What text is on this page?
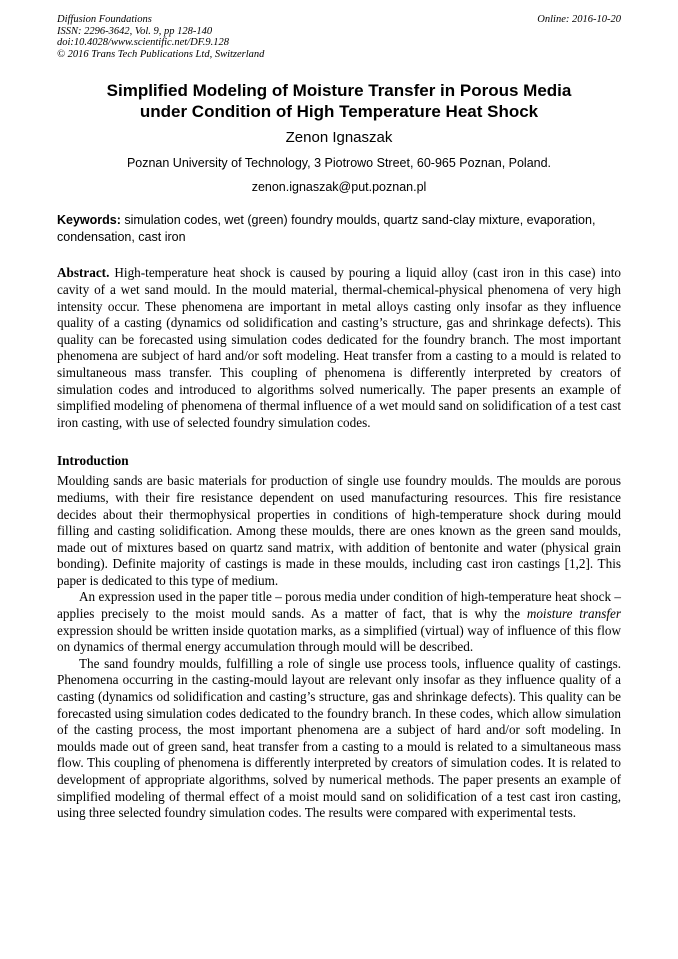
Diffusion Foundations
ISSN: 2296-3642, Vol. 9, pp 128-140
doi:10.4028/www.scientific.net/DF.9.128
© 2016 Trans Tech Publications Ltd, Switzerland
Online: 2016-10-20
Simplified Modeling of Moisture Transfer in Porous Media
under Condition of High Temperature Heat Shock
Zenon Ignaszak
Poznan University of Technology, 3 Piotrowo Street, 60-965 Poznan, Poland.
zenon.ignaszak@put.poznan.pl
Keywords: simulation codes, wet (green) foundry moulds, quartz sand-clay mixture, evaporation, condensation, cast iron
Abstract. High-temperature heat shock is caused by pouring a liquid alloy (cast iron in this case) into cavity of a wet sand mould. In the mould material, thermal-chemical-physical phenomena of very high intensity occur. These phenomena are important in metal alloys casting only insofar as they influence quality of a casting (dynamics od solidification and casting’s structure, gas and shrinkage defects). This quality can be forecasted using simulation codes dedicated for the foundry branch. The most important phenomena are subject of hard and/or soft modeling. Heat transfer from a casting to a mould is related to simultaneous mass transfer. This coupling of phenomena is differently interpreted by creators of simulation codes and introduced to algorithms solved numerically. The paper presents an example of simplified modeling of phenomena of thermal influence of a wet mould sand on solidification of a test cast iron casting, with use of selected foundry simulation codes.
Introduction

Moulding sands are basic materials for production of single use foundry moulds. The moulds are porous mediums, with their fire resistance dependent on used manufacturing resources. This fire resistance decides about their thermophysical properties in conditions of high-temperature shock during mould filling and casting solidification. Among these moulds, there are ones known as the green sand moulds, made out of mixtures based on quartz sand matrix, with addition of bentonite and water (physical grain bonding). Definite majority of castings is made in these moulds, including cast iron castings [1,2]. This paper is dedicated to this type of medium.

An expression used in the paper title – porous media under condition of high-temperature heat shock – applies precisely to the moist mould sands. As a matter of fact, that is why the moisture transfer expression should be written inside quotation marks, as a simplified (virtual) way of influence of this flow on dynamics of thermal energy accumulation through mould will be described.

The sand foundry moulds, fulfilling a role of single use process tools, influence quality of castings. Phenomena occurring in the casting-mould layout are relevant only insofar as they influence quality of a casting (dynamics od solidification and casting’s structure, gas and shrinkage defects). This quality can be forecasted using simulation codes dedicated to the foundry branch. In these codes, which allow simulation of the casting process, the most important phenomena are a subject of hard and/or soft modeling. In moulds made out of green sand, heat transfer from a casting to a mould is related to a simultaneous mass flow. This coupling of phenomena is differently interpreted by creators of simulation codes. It is related to development of appropriate algorithms, solved by numerical methods. The paper presents an example of simplified modeling of thermal effect of a moist mould sand on solidification of a test cast iron casting, using three selected foundry simulation codes. The results were compared with experimental tests.
